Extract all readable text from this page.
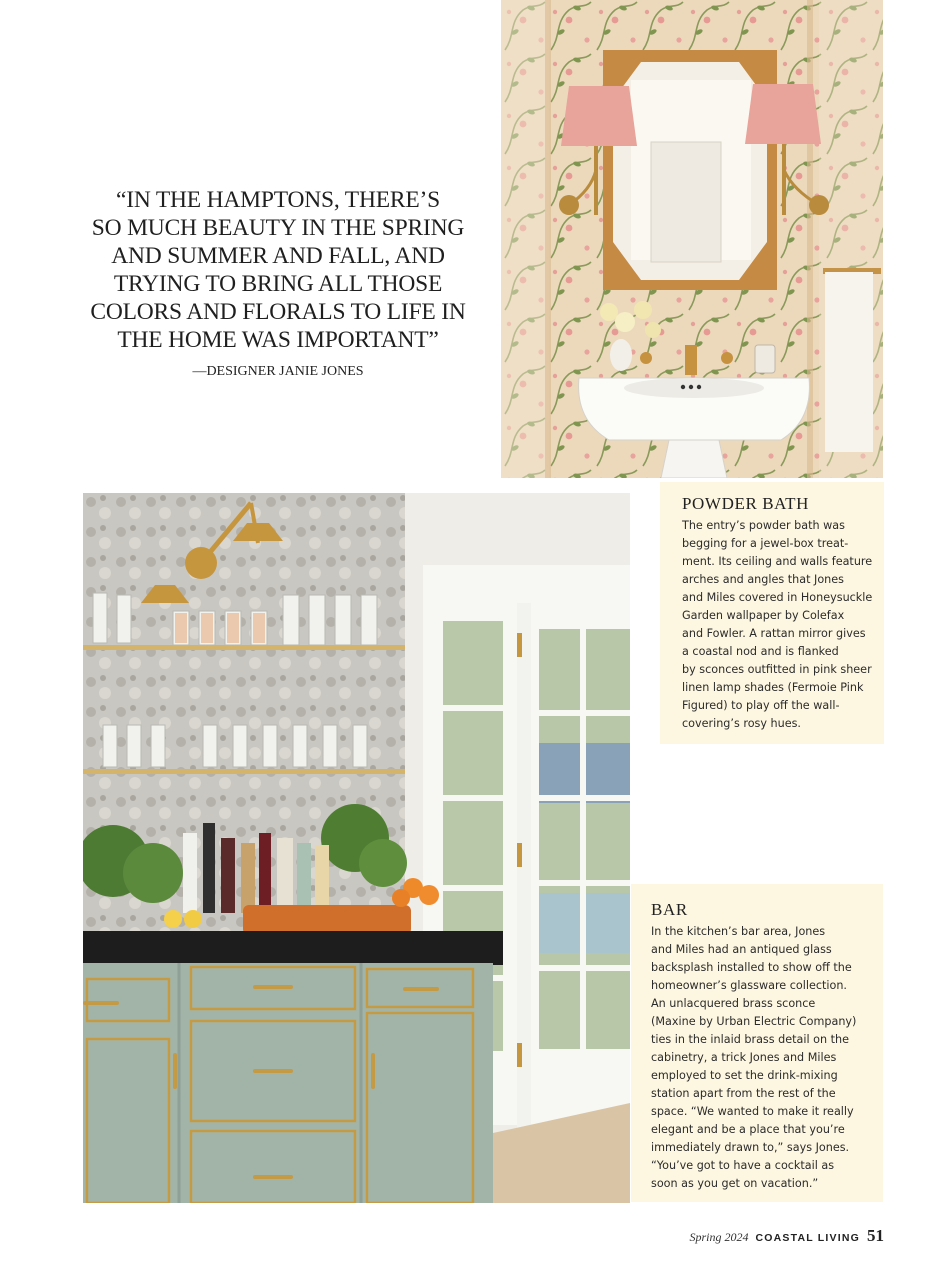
“IN THE HAMPTONS, THERE’S
SO MUCH BEAUTY IN THE SPRING
AND SUMMER AND FALL, AND
TRYING TO BRING ALL THOSE
COLORS AND FLORALS TO LIFE IN
THE HOME WAS IMPORTANT”
—DESIGNER JANIE JONES
POWDER BATH
The entry’s powder bath was
begging for a jewel-box treat-
ment. Its ceiling and walls feature
arches and angles that Jones
and Miles covered in Honeysuckle
Garden wallpaper by Colefax
and Fowler. A rattan mirror gives
a coastal nod and is flanked
by sconces outfitted in pink sheer
linen lamp shades (Fermoie Pink
Figured) to play off the wall-
covering’s rosy hues.
BAR
In the kitchen’s bar area, Jones
and Miles had an antiqued glass
backsplash installed to show off the
homeowner’s glassware collection.
An unlacquered brass sconce
(Maxine by Urban Electric Company)
ties in the inlaid brass detail on the
cabinetry, a trick Jones and Miles
employed to set the drink-mixing
station apart from the rest of the
space. “We wanted to make it really
elegant and be a place that you’re
immediately drawn to,” says Jones.
“You’ve got to have a cocktail as
soon as you get on vacation.”
Spring 2024 COASTAL LIVING 51
